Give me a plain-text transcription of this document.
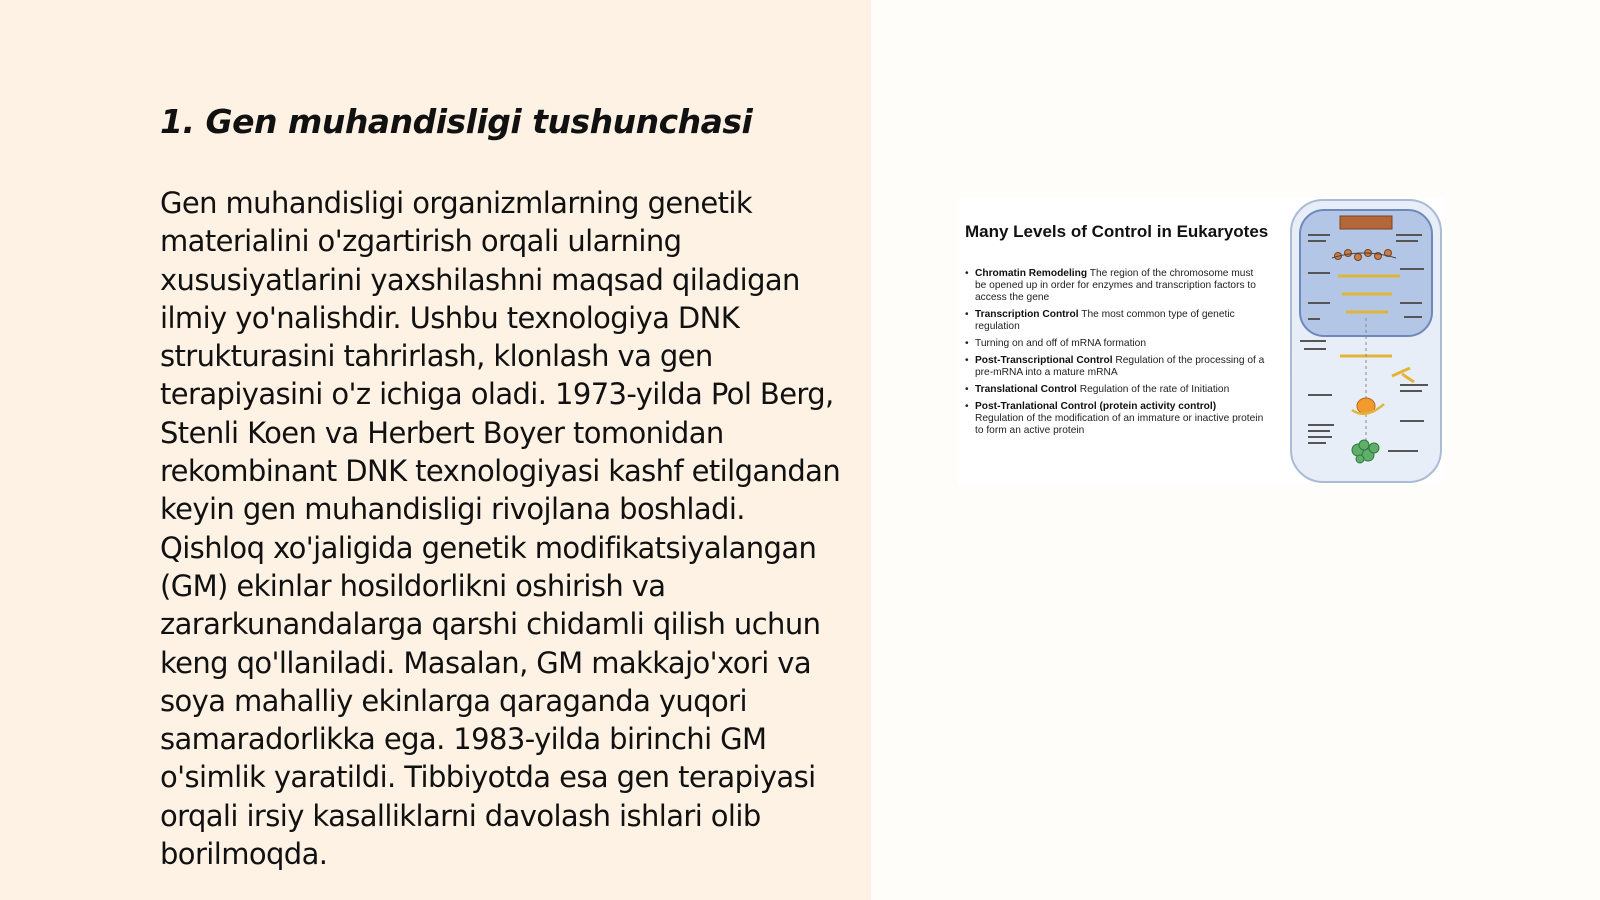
1. Gen muhandisligi tushunchasi

Gen muhandisligi organizmlarning genetik materialini o'zgartirish orqali ularning xususiyatlarini yaxshilashni maqsad qiladigan ilmiy yo'nalishdir. Ushbu texnologiya DNK strukturasini tahrirlash, klonlash va gen terapiyasini o'z ichiga oladi. 1973-yilda Pol Berg, Stenli Koen va Herbert Boyer tomonidan rekombinant DNK texnologiyasi kashf etilgandan keyin gen muhandisligi rivojlana boshladi. Qishloq xo'jaligida genetik modifikatsiyalangan (GM) ekinlar hosildorlikni oshirish va zararkunandalarga qarshi chidamli qilish uchun keng qo'llaniladi. Masalan, GM makkajo'xori va soya mahalliy ekinlarga qaraganda yuqori samaradorlikka ega. 1983-yilda birinchi GM o'simlik yaratildi. Tibbiyotda esa gen terapiyasi orqali irsiy kasalliklarni davolash ishlari olib borilmoqda.

Many Levels of Control in Eukaryotes
• Chromatin Remodeling The region of the chromosome must be opened up in order for enzymes and transcription factors to access the gene
• Transcription Control The most common type of genetic regulation
• Turning on and off of mRNA formation
• Post-Transcriptional Control Regulation of the processing of a pre-mRNA into a mature mRNA
• Translational Control Regulation of the rate of Initiation
• Post-Tranlational Control (protein activity control) Regulation of the modification of an immature or inactive protein to form an active protein
